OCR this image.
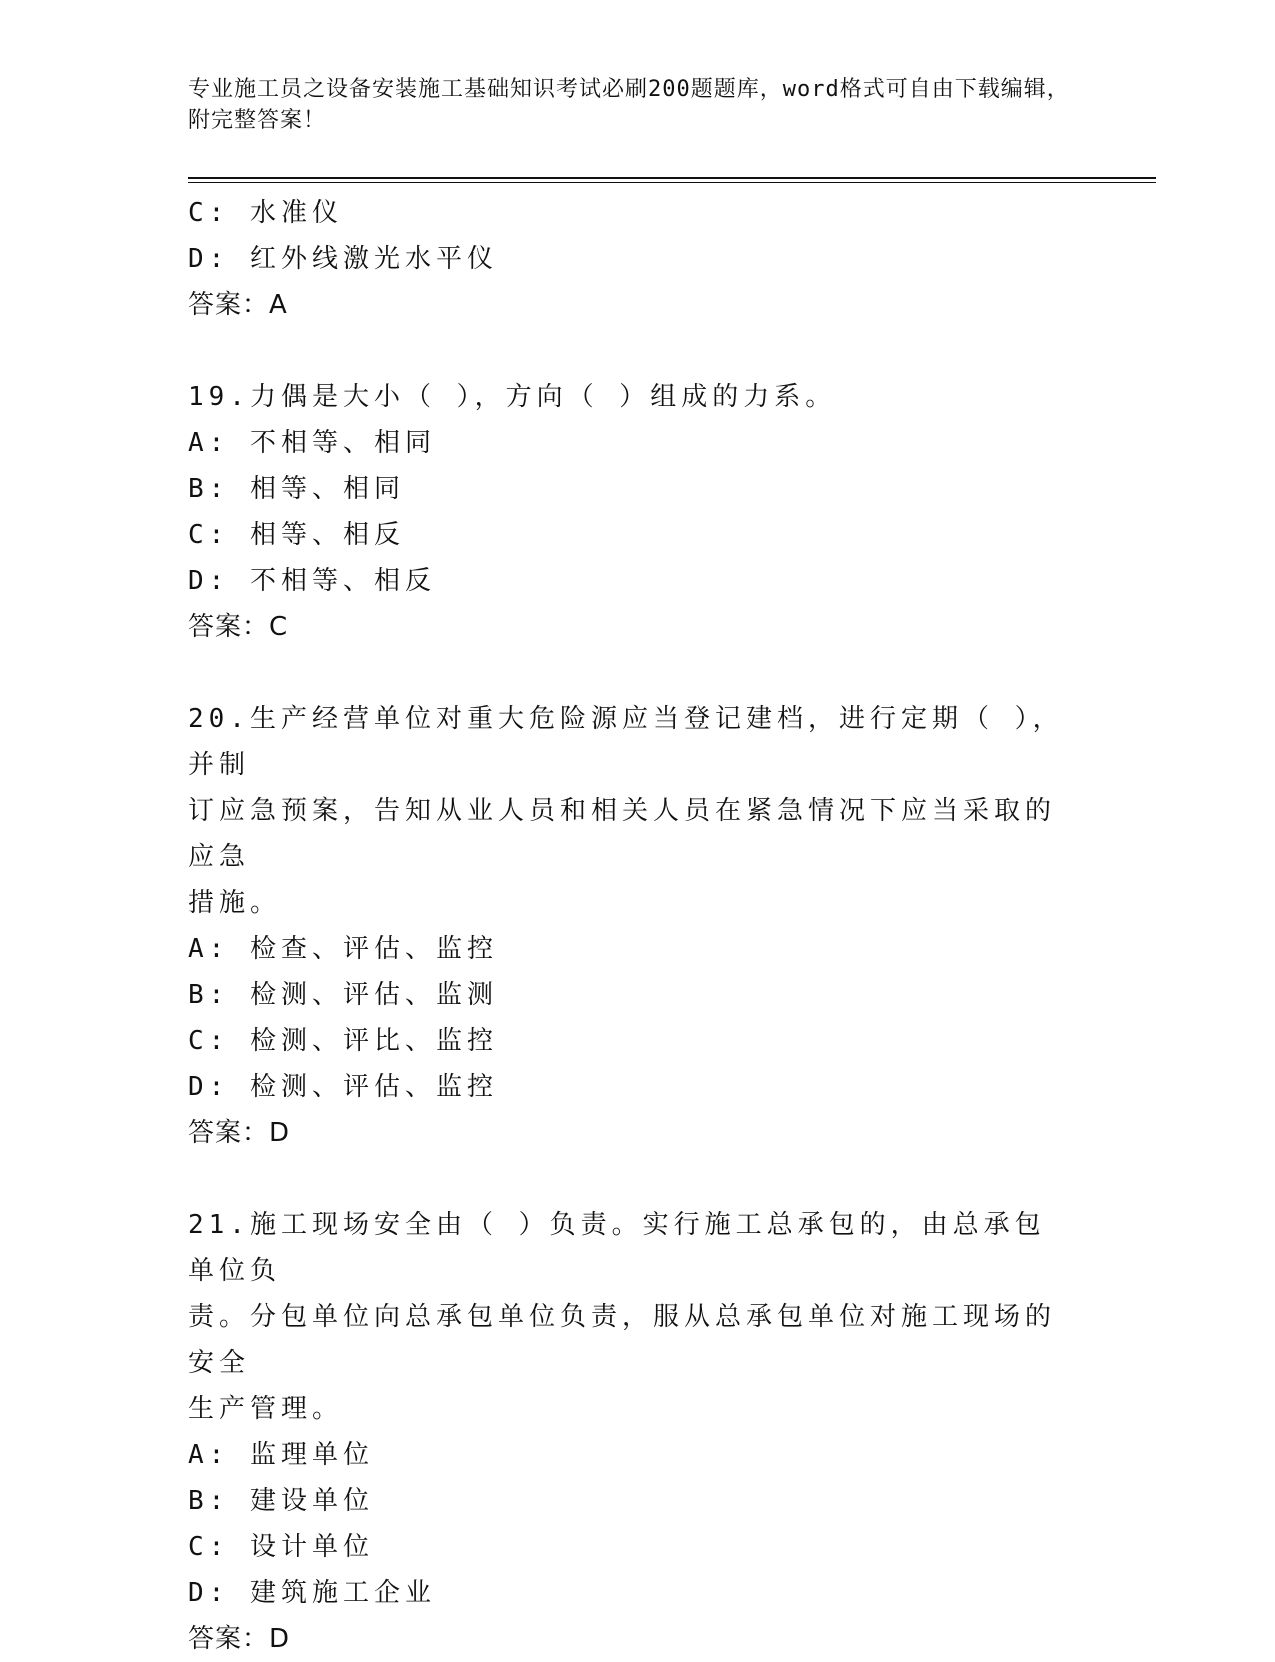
专业施工员之设备安装施工基础知识考试必刷200题题库，word格式可自由下载编辑，附完整答案！
C: 水准仪
D: 红外线激光水平仪
答案：A
19.力偶是大小（ ），方向（ ）组成的力系。
A: 不相等、相同
B: 相等、相同
C: 相等、相反
D: 不相等、相反
答案：C
20.生产经营单位对重大危险源应当登记建档，进行定期（ ），并制
订应急预案，告知从业人员和相关人员在紧急情况下应当采取的应急
措施。
A: 检查、评估、监控
B: 检测、评估、监测
C: 检测、评比、监控
D: 检测、评估、监控
答案：D
21.施工现场安全由（ ）负责。实行施工总承包的，由总承包单位负
责。分包单位向总承包单位负责，服从总承包单位对施工现场的安全
生产管理。
A: 监理单位
B: 建设单位
C: 设计单位
D: 建筑施工企业
答案：D
